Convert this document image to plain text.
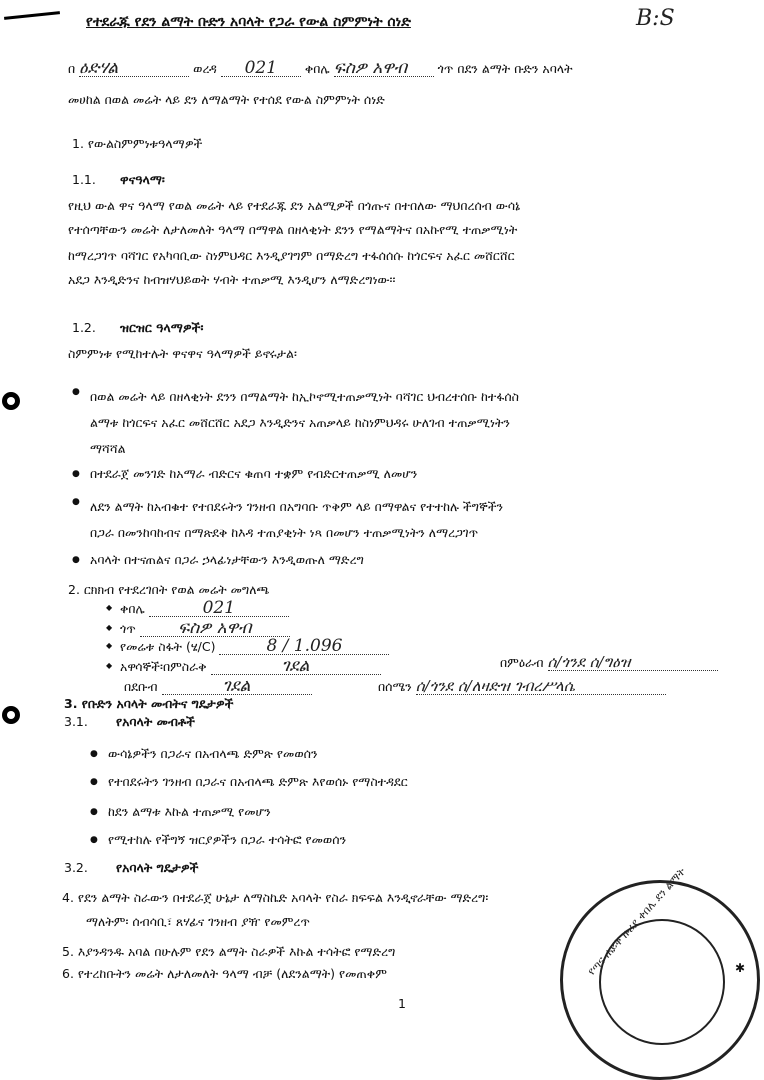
የተደራጁ የደን ልማት ቡድን አባላት የጋራ የውል ስምምነት ሰነድ	B:S
በ ዕድሃል	ወረዳ 021 ቀበሌ ፍስዎ አዋብ ጎጥ በደን ልማት ቡድን አባላት
መሀከል በወል መሬት ላይ ደን ለማልማት የተሰደ የውል ስምምነት ሰነድ
1. የውልስምምነቱዓላማዎች
1.1. ዋናዓላማ፡
የዚህ ውል ዋና ዓላማ የወል መሬት ላይ የተደራጁ ደን አልሚዎች በጎጡና በተበለው ማህበረሰብ ውሳኔ
የተሰጣቸውን መሬት ለታለመለት ዓላማ በማዋል በዘላቂነት ደንን የማልማትና በአኩየሚ ተጠቃሚነት
ከማረጋገጥ ባሻገር የአካባቢው ስነምህዳር እንዲያገግም በማድረግ ተፋሰሰሱ ከጎርፍና አፈር መሸርሸር
አደጋ እንዲድንና ከብዝሃህይወት ሃብት ተጠቃሚ እንዲሆን ለማድረግነው፡፡
1.2. ዝርዝር ዓላማዎች፡
ስምምነቱ የሚከተሉት ዋናዋና ዓላማዎች ይኖሩታል፡
● በወል መሬት ላይ በዘላቂነት ደንን በማልማት ከኢኮኖሚተጠቃሚነት ባሻገር ህብረተሰቡ ከተፋሰስ
ልማቱ ከጎርፍና አፈር መሸርሸር አደጋ እንዲድንና አጠቃላይ ከስነምህዳሩ ሁለገብ ተጠቃሚነትን
ማሻሻል
● በተደራጀ መንገድ ከአማራ ብድርና ቁጠባ ተቋም የብድርተጠቃሚ ለመሆን
● ለደን ልማት ከአብቁተ የተበደሩትን ገንዘብ በአግባቡ ጥቅም ላይ በማዋልና የተተከሉ ችግኞችን
በጋራ በመንከባከብና በማጽደቅ ከእዳ ተጠያቂነት ነጻ በመሆን ተጠቃሚነትን ለማረጋገጥ
● አባላት በተናጠልና በጋራ ኃላፊነታቸውን እንዲወጡለ ማድረግ
2. ርክክብ የተደረገበት የወል መሬት መግለጫ
◆ ቀበሌ	021
◆ ጎጥ ፍስዎ አዋብ
◆ የመሬቱ ስፋት (ሄ/C)	8 / 1.096
◆ አዋሳኞች፡በምስራቅ	ገደል	በምዕራብ ሰ/ጎንደ ሰ/ግዕዝ
በደቡብ	ገደል	በሰሜን ሰ/ጎንደ ሰ/ለዛድዝ ገብረሥላሴ
3. የቡድን አባላት መብትና ግዴታዎች
3.1. የአባላት መብቶች
● ውሳኔዎችን በጋራና በአብላጫ ድምጽ የመወሰን
● የተበደሩትን ገንዘብ በጋራና በአብላጫ ድምጽ እየወሰኑ የማስተዳደር
● ከደን ልማቱ እኩል ተጠቃሚ የመሆን
● የሚተከሉ የችግኝ ዝርያዎችን በጋራ ተሳትፎ የመወሰን
3.2. የአባላት ግዴታዎች
4. የደን ልማት ስራውን በተደራጀ ሁኔታ ለማስኬድ አባላት የስራ ክፍፍል እንዲኖራቸው ማድረግ፡
ማለትም፡ ሰብሳቢ፣ ጸሃፊና ገንዘብ ያዥ የመምረጥ
5. እያንዳንዱ አባል በሁሉም የደን ልማት ስራዎች እኩል ተሳትፎ የማድረግ
6. የተረከቡትን መሬት ለታለመለት ዓላማ ብቻ (ለደንልማት) የመጠቀም	የጣና ሐይቅ ዙሪያ ቀበሌ ደን ልማት	✱
1
